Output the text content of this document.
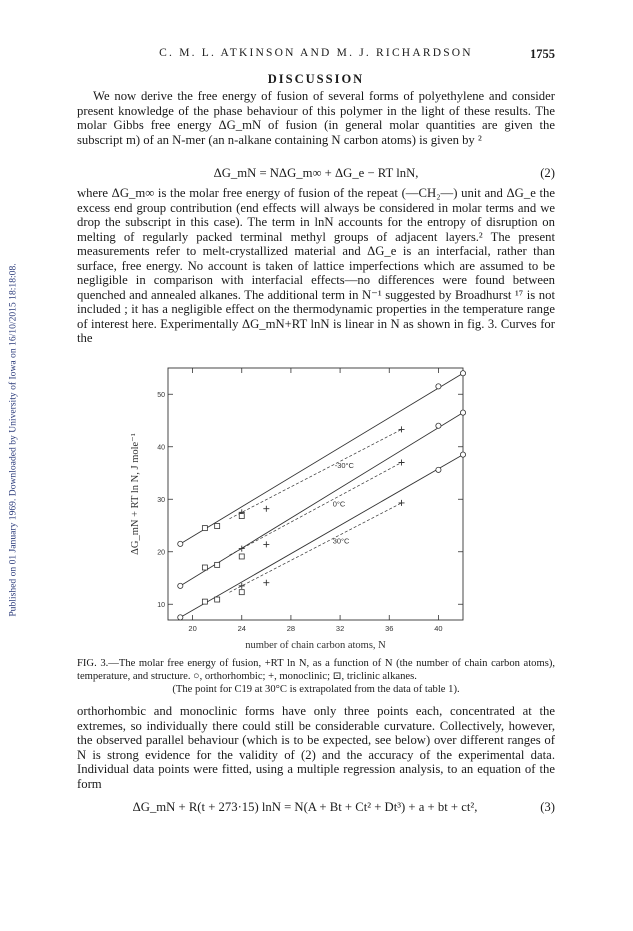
Published on 01 January 1969. Downloaded by University of Iowa on 16/10/2015 18:18:08.
C. M. L. ATKINSON AND M. J. RICHARDSON	1755
DISCUSSION

We now derive the free energy of fusion of several forms of polyethylene and consider present knowledge of the phase behaviour of this polymer in the light of these results. The molar Gibbs free energy ΔG_mN of fusion (in general molar quantities are given the subscript m) of an N-mer (an n-alkane containing N carbon atoms) is given by ²

ΔG_mN = NΔG_m∞ + ΔG_e − RT lnN,	(2)

where ΔG_m∞ is the molar free energy of fusion of the repeat (—CH₂—) unit and ΔG_e the excess end group contribution (end effects will always be considered in molar terms and we drop the subscript in this case). The term in lnN accounts for the entropy of disruption on melting of regularly packed terminal methyl groups of adjacent layers.² The present measurements refer to melt-crystallized material and ΔG_e is an interfacial, rather than surface, free energy. No account is taken of lattice imperfections which are assumed to be negligible in comparison with interfacial effects—no differences were found between quenched and annealed alkanes. The additional term in N⁻¹ suggested by Broadhurst ¹⁷ is not included ; it has a negligible effect on the thermodynamic properties in the temperature range of interest here. Experimentally ΔG_mN+RT lnN is linear in N as shown in fig. 3. Curves for the

20	24	28	32	36	40
10
20
30
40
50
number of chain carbon atoms, N
ΔG_mN + RT ln N, J mole⁻¹	-30°C
0°C
30°C

FIG. 3.—The molar free energy of fusion, +RT ln N, as a function of N (the number of chain carbon atoms), temperature, and structure. ○, orthorhombic; +, monoclinic; ⊡, triclinic alkanes.

(The point for C19 at 30°C is extrapolated from the data of table 1).

orthorhombic and monoclinic forms have only three points each, concentrated at the extremes, so individually there could still be considerable curvature. Collectively, however, the observed parallel behaviour (which is to be expected, see below) over different ranges of N is strong evidence for the validity of (2) and the accuracy of the experimental data. Individual data points were fitted, using a multiple regression analysis, to an equation of the form

ΔG_mN + R(t + 273·15) lnN = N(A + Bt + Ct² + Dt³) + a + bt + ct²,	(3)
